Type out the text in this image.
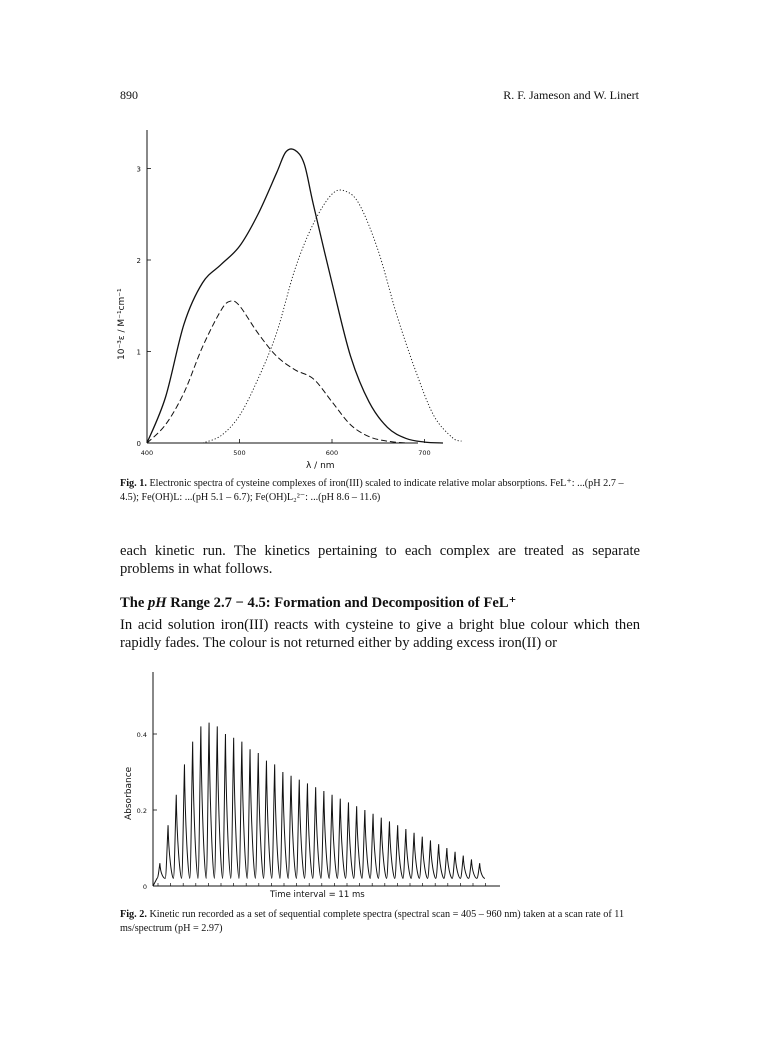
890	R. F. Jameson and W. Linert
0
1
2
3
400	500	600	700
10⁻³ε / M⁻¹cm⁻¹
λ / nm
0
0.2
0.4
Absorbance
Time interval = 11 ms
Fig. 1. Electronic spectra of cysteine complexes of iron(III) scaled to indicate relative molar absorptions. FeL⁺: ...(pH 2.7 – 4.5); Fe(OH)L: ...(pH 5.1 – 6.7); Fe(OH)L₂²⁻: ...(pH 8.6 – 11.6)
each kinetic run. The kinetics pertaining to each complex are treated as separate problems in what follows.
The pH Range 2.7 − 4.5: Formation and Decomposition of FeL⁺
In acid solution iron(III) reacts with cysteine to give a bright blue colour which then rapidly fades. The colour is not returned either by adding excess iron(II) or
Fig. 2. Kinetic run recorded as a set of sequential complete spectra (spectral scan = 405 – 960 nm) taken at a scan rate of 11 ms/spectrum (pH = 2.97)
